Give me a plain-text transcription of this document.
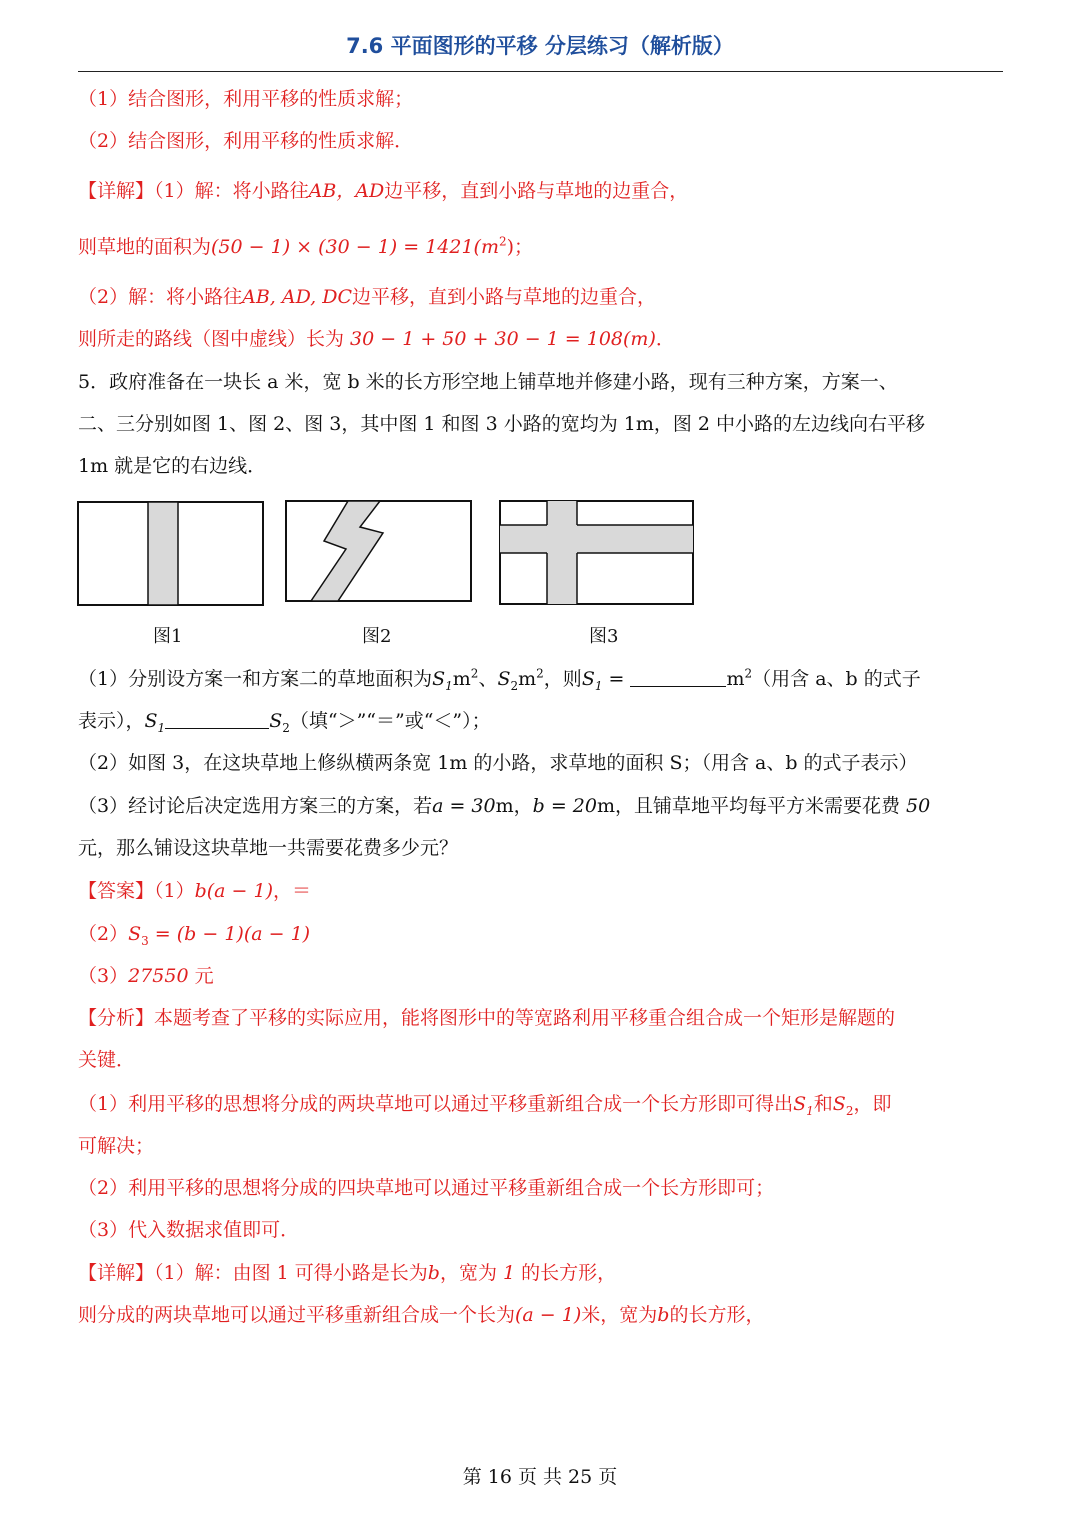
7.6 平面图形的平移 分层练习（解析版）
（1）结合图形，利用平移的性质求解；
（2）结合图形，利用平移的性质求解．
【详解】（1）解：将小路往AB，AD边平移，直到小路与草地的边重合，
则草地的面积为$(50 - 1) \times (30 - 1) = 1421(m^2)$；
（2）解：将小路往AB, AD, DC边平移，直到小路与草地的边重合，
则所走的路线（图中虚线）长为 30 − 1 + 50 + 30 − 1 = 108(m)．
5．政府准备在一块长 a 米，宽 b 米的长方形空地上铺草地并修建小路，现有三种方案，方案一、
二、三分别如图 1、图 2、图 3，其中图 1 和图 3 小路的宽均为 1m，图 2 中小路的左边线向右平移
1m 就是它的右边线．
图1	图2	图3
（1）分别设方案一和方案二的草地面积为$S_1m^2$、$S_2m^2$，则$S_1$ =	$m^2$（用含 a、b 的式子
表示），$S_1$	$S_2$（填“＞”“＝”或“＜”）；
（2）如图 3，在这块草地上修纵横两条宽 1m 的小路，求草地的面积 S；（用含 a、b 的式子表示）
（3）经讨论后决定选用方案三的方案，若a = 30m，b = 20m，且铺草地平均每平方米需要花费 50
元，那么铺设这块草地一共需要花费多少元？
【答案】（1）b(a − 1)，＝
$(2)S_3 = (b - 1)(a - 1)$
（3）27550 元
【分析】本题考查了平移的实际应用，能将图形中的等宽路利用平移重合组合成一个矩形是解题的
关键．
（1）利用平移的思想将分成的两块草地可以通过平移重新组合成一个长方形即可得出$S_1$和$S_2$，即
可解决；
（2）利用平移的思想将分成的四块草地可以通过平移重新组合成一个长方形即可；
（3）代入数据求值即可．
【详解】（1）解：由图 1 可得小路是长为b，宽为 1 的长方形，
则分成的两块草地可以通过平移重新组合成一个长为(a − 1)米，宽为b的长方形，
第 16 页 共 25 页
